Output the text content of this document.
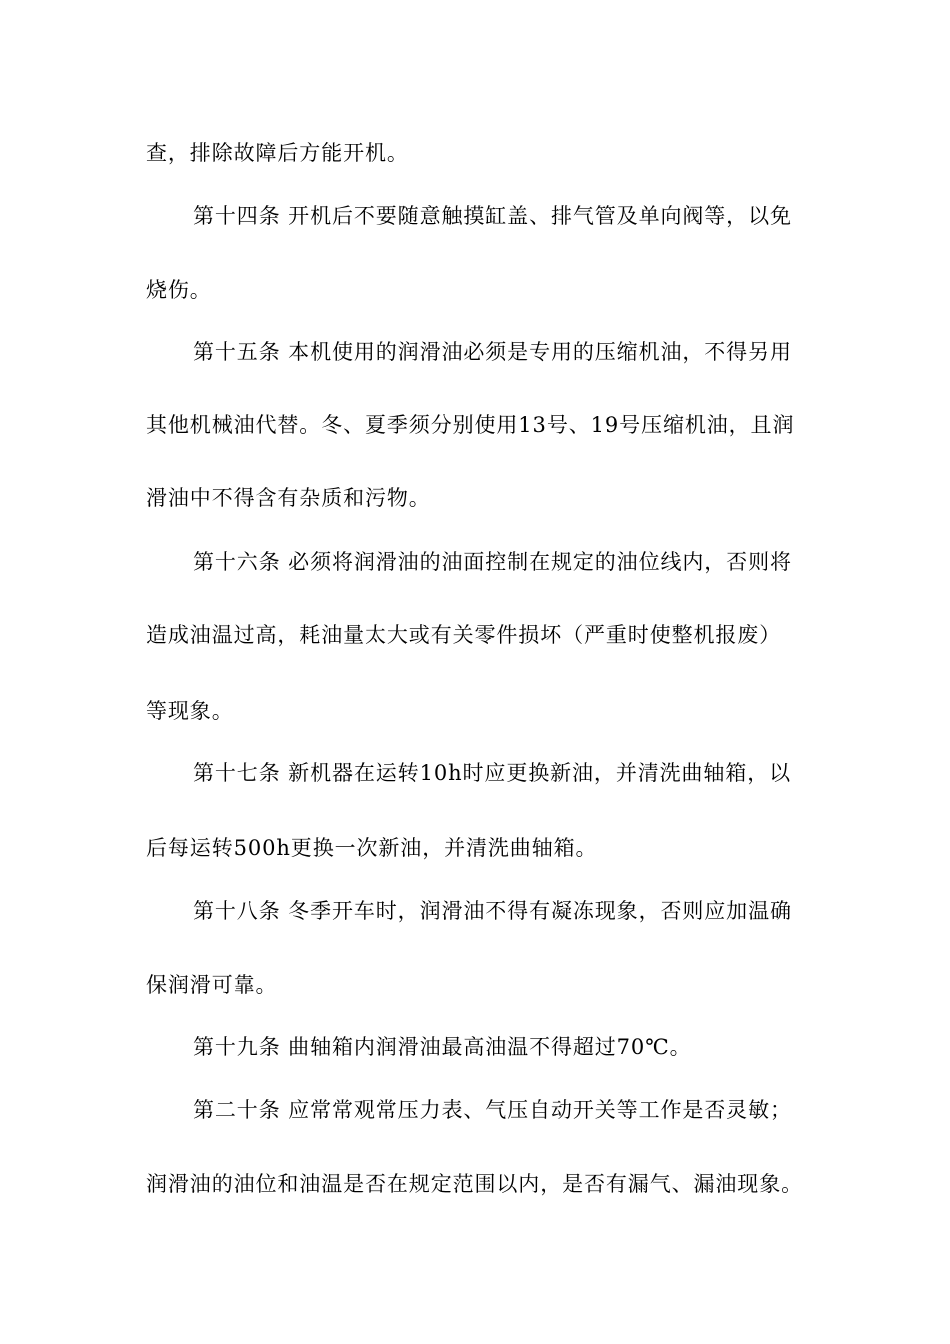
查，排除故障后方能开机。
第十四条 开机后不要随意触摸缸盖、排气管及单向阀等，以免
烧伤。
第十五条 本机使用的润滑油必须是专用的压缩机油，不得另用
其他机械油代替。冬、夏季须分别使用13号、19号压缩机油，且润
滑油中不得含有杂质和污物。
第十六条 必须将润滑油的油面控制在规定的油位线内，否则将
造成油温过高，耗油量太大或有关零件损坏（严重时使整机报废）
等现象。
第十七条 新机器在运转10h时应更换新油，并清洗曲轴箱，以
后每运转500h更换一次新油，并清洗曲轴箱。
第十八条 冬季开车时，润滑油不得有凝冻现象，否则应加温确
保润滑可靠。
第十九条 曲轴箱内润滑油最高油温不得超过70℃。
第二十条 应常常观常压力表、气压自动开关等工作是否灵敏；
润滑油的油位和油温是否在规定范围以内，是否有漏气、漏油现象。
